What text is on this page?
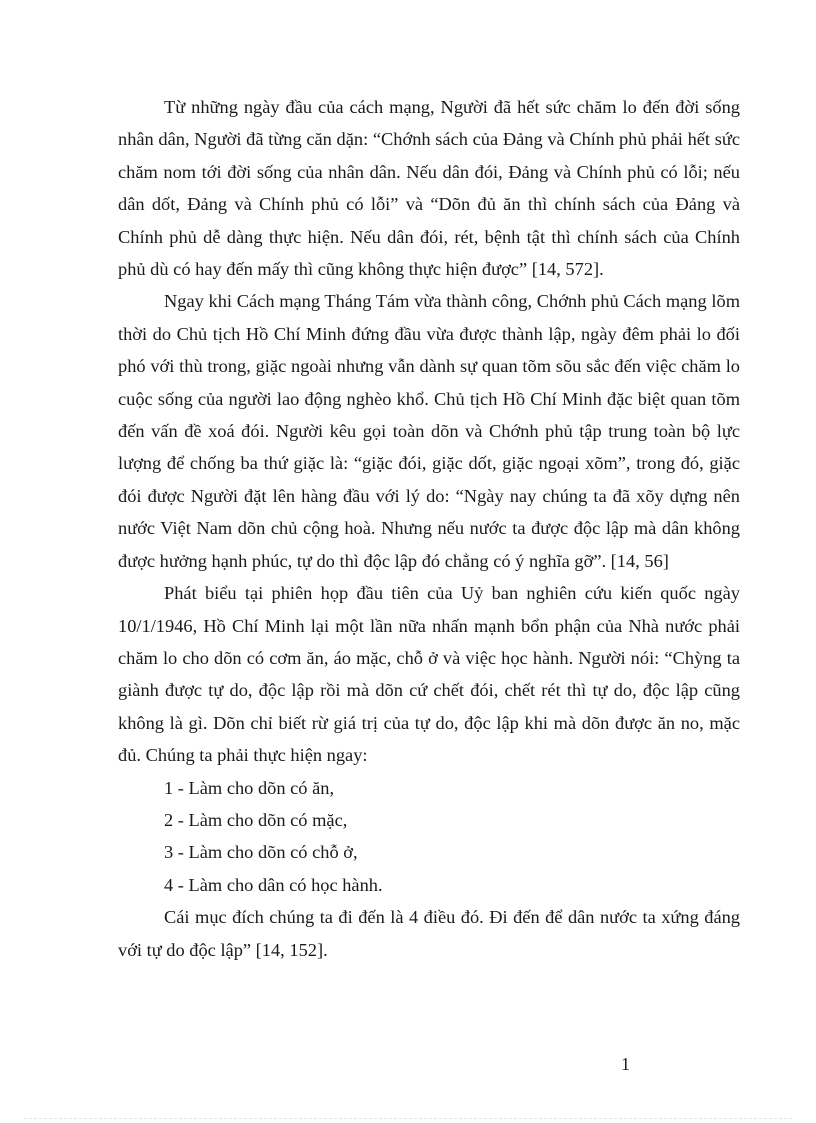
Từ những ngày đầu của cách mạng, Người đã hết sức chăm lo đến đời sống nhân dân, Người đã từng căn dặn: “Chớnh sách của Đảng và Chính phủ phải hết sức chăm nom tới đời sống của nhân dân. Nếu dân đói, Đảng và Chính phủ có lỗi; nếu dân dốt, Đảng và Chính phủ có lỗi” và “Dõn đủ ăn thì chính sách của Đảng và Chính phủ dễ dàng thực hiện. Nếu dân đói, rét, bệnh tật thì chính sách của Chính phủ dù có hay đến mấy thì cũng không thực hiện được” [14, 572].

Ngay khi Cách mạng Tháng Tám vừa thành công, Chớnh phủ Cách mạng lõm thời do Chủ tịch Hồ Chí Minh đứng đầu vừa được thành lập, ngày đêm phải lo đối phó với thù trong, giặc ngoài nhưng vẫn dành sự quan tõm sõu sắc đến việc chăm lo cuộc sống của người lao động nghèo khổ. Chủ tịch Hồ Chí Minh đặc biệt quan tõm đến vấn đề xoá đói. Người kêu gọi toàn dõn và Chớnh phủ tập trung toàn bộ lực lượng để chống ba thứ giặc là: “giặc đói, giặc dốt, giặc ngoại xõm”, trong đó, giặc đói được Người đặt lên hàng đầu với lý do: “Ngày nay chúng ta đã xõy dựng nên nước Việt Nam dõn chủ cộng hoà. Nhưng nếu nước ta được độc lập mà dân không được hưởng hạnh phúc, tự do thì độc lập đó chẳng có ý nghĩa gỡ”. [14, 56]

Phát biểu tại phiên họp đầu tiên của Uỷ ban nghiên cứu kiến quốc ngày 10/1/1946, Hồ Chí Minh lại một lần nữa nhấn mạnh bổn phận của Nhà nước phải chăm lo cho dõn có cơm ăn, áo mặc, chỗ ở và việc học hành. Người nói: “Chỳng ta giành được tự do, độc lập rồi mà dõn cứ chết đói, chết rét thì tự do, độc lập cũng không là gì. Dõn chỉ biết rừ giá trị của tự do, độc lập khi mà dõn được ăn no, mặc đủ. Chúng ta phải thực hiện ngay:

1 - Làm cho dõn có ăn,

2 - Làm cho dõn có mặc,

3 - Làm cho dõn có chỗ ở,

4 - Làm cho dân có học hành.

Cái mục đích chúng ta đi đến là 4 điều đó. Đi đến để dân nước ta xứng đáng với tự do độc lập” [14, 152].

1
